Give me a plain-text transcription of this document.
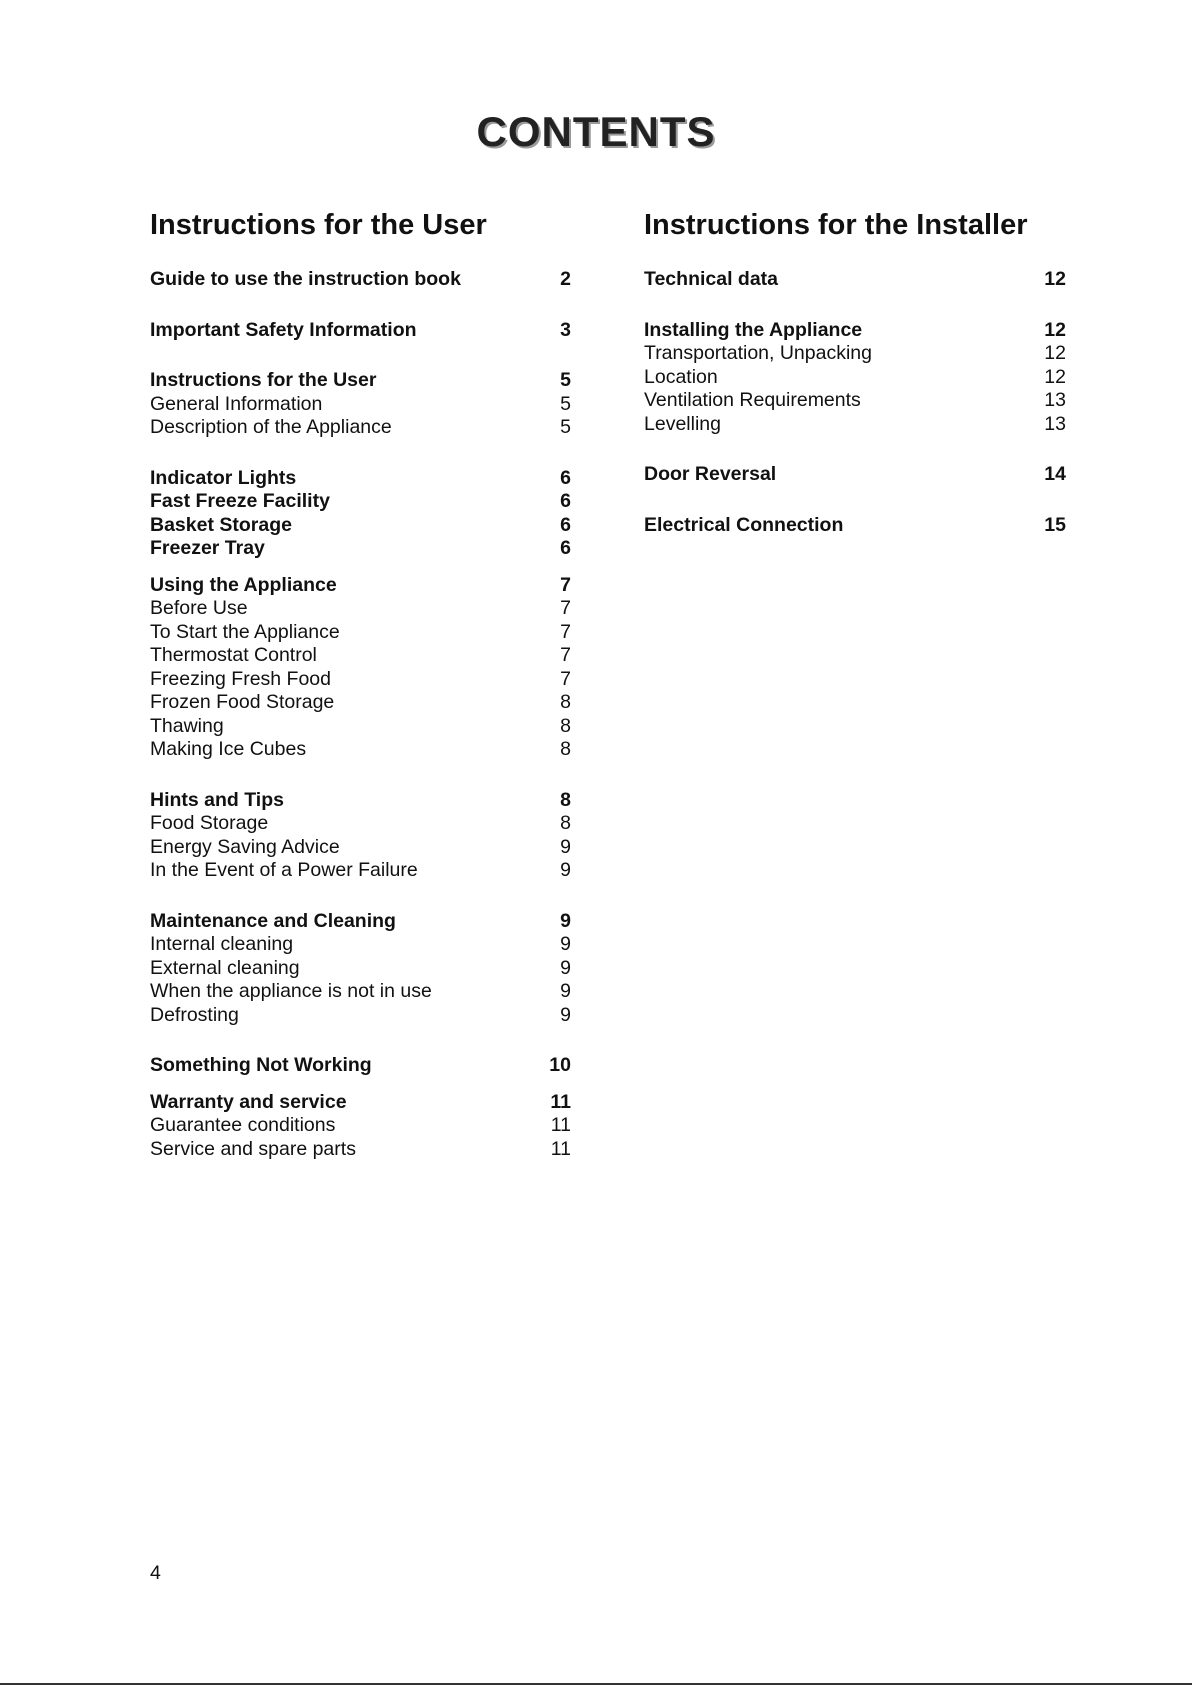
CONTENTS
Instructions for the User
Guide to use the instruction book	2
Important Safety Information	3
Instructions for the User	5
General Information	5
Description of the Appliance	5
Indicator Lights	6
Fast Freeze Facility	6
Basket Storage	6
Freezer Tray	6
Using the Appliance	7
Before Use	7
To Start the Appliance	7
Thermostat Control	7
Freezing Fresh Food	7
Frozen Food Storage	8
Thawing	8
Making Ice Cubes	8
Hints and Tips	8
Food Storage	8
Energy Saving Advice	9
In the Event of a Power Failure	9
Maintenance and Cleaning	9
Internal cleaning	9
External cleaning	9
When the appliance is not in use	9
Defrosting	9
Something Not Working	10
Warranty and service	11
Guarantee conditions	11
Service and spare parts	11
Instructions for the Installer
Technical data	12
Installing the Appliance	12
Transportation, Unpacking	12
Location	12
Ventilation Requirements	13
Levelling	13
Door Reversal	14
Electrical Connection	15
4
